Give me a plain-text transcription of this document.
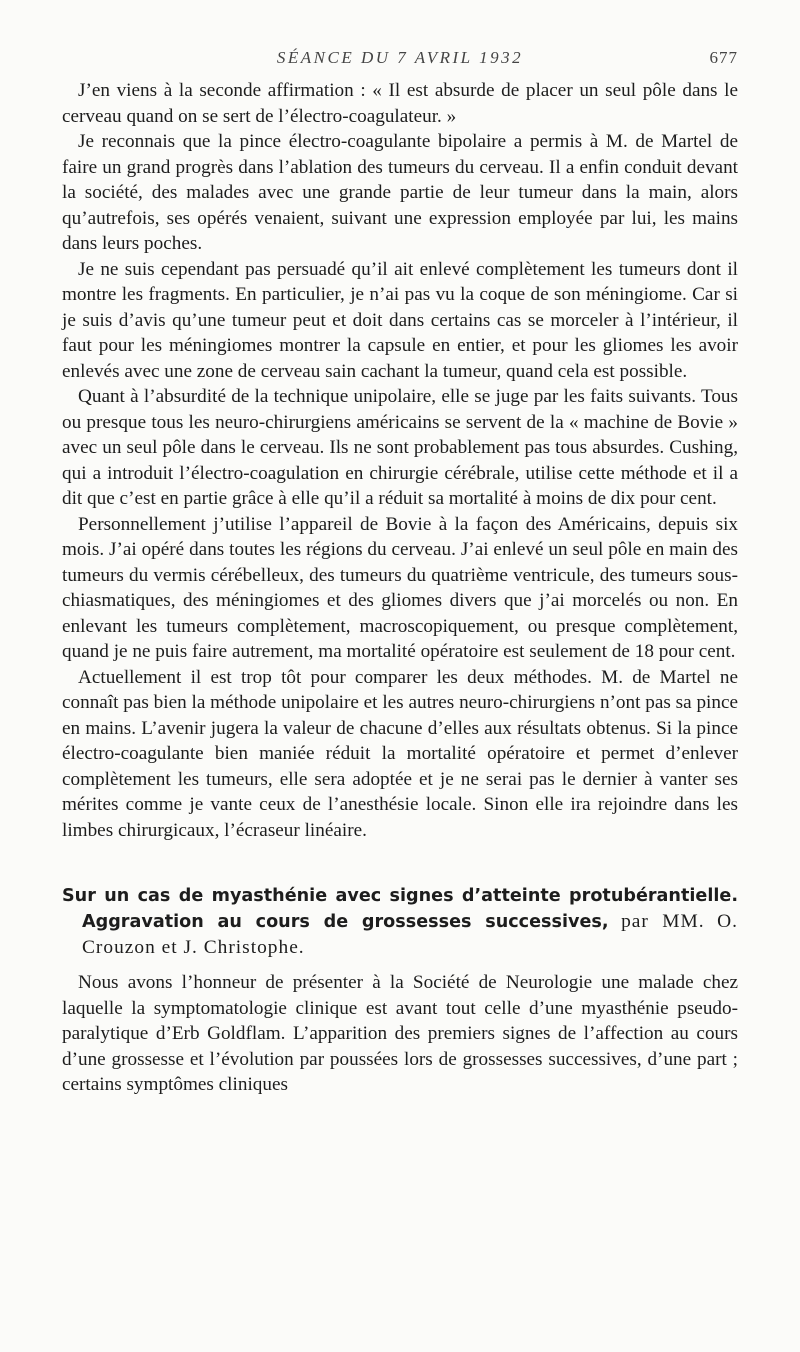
SÉANCE DU 7 AVRIL 1932	677

J’en viens à la seconde affirmation : « Il est absurde de placer un seul pôle dans le cerveau quand on se sert de l’électro-coagulateur. »

Je reconnais que la pince électro-coagulante bipolaire a permis à M. de Martel de faire un grand progrès dans l’ablation des tumeurs du cerveau. Il a enfin conduit devant la société, des malades avec une grande partie de leur tumeur dans la main, alors qu’autrefois, ses opérés venaient, suivant une expression employée par lui, les mains dans leurs poches.

Je ne suis cependant pas persuadé qu’il ait enlevé complètement les tumeurs dont il montre les fragments. En particulier, je n’ai pas vu la coque de son méningiome. Car si je suis d’avis qu’une tumeur peut et doit dans certains cas se morceler à l’intérieur, il faut pour les méningiomes montrer la capsule en entier, et pour les gliomes les avoir enlevés avec une zone de cerveau sain cachant la tumeur, quand cela est possible.

Quant à l’absurdité de la technique unipolaire, elle se juge par les faits suivants. Tous ou presque tous les neuro-chirurgiens américains se servent de la « machine de Bovie » avec un seul pôle dans le cerveau. Ils ne sont probablement pas tous absurdes. Cushing, qui a introduit l’électro-coagulation en chirurgie cérébrale, utilise cette méthode et il a dit que c’est en partie grâce à elle qu’il a réduit sa mortalité à moins de dix pour cent.

Personnellement j’utilise l’appareil de Bovie à la façon des Américains, depuis six mois. J’ai opéré dans toutes les régions du cerveau. J’ai enlevé un seul pôle en main des tumeurs du vermis cérébelleux, des tumeurs du quatrième ventricule, des tumeurs sous-chiasmatiques, des méningiomes et des gliomes divers que j’ai morcelés ou non. En enlevant les tumeurs complètement, macroscopiquement, ou presque complètement, quand je ne puis faire autrement, ma mortalité opératoire est seulement de 18 pour cent.

Actuellement il est trop tôt pour comparer les deux méthodes. M. de Martel ne connaît pas bien la méthode unipolaire et les autres neuro-chirurgiens n’ont pas sa pince en mains. L’avenir jugera la valeur de chacune d’elles aux résultats obtenus. Si la pince électro-coagulante bien maniée réduit la mortalité opératoire et permet d’enlever complètement les tumeurs, elle sera adoptée et je ne serai pas le dernier à vanter ses mérites comme je vante ceux de l’anesthésie locale. Sinon elle ira rejoindre dans les limbes chirurgicaux, l’écraseur linéaire.

Sur un cas de myasthénie avec signes d’atteinte protubérantielle. Aggravation au cours de grossesses successives, par MM. O. Crouzon et J. Christophe.

Nous avons l’honneur de présenter à la Société de Neurologie une malade chez laquelle la symptomatologie clinique est avant tout celle d’une myasthénie pseudo-paralytique d’Erb Goldflam. L’apparition des premiers signes de l’affection au cours d’une grossesse et l’évolution par poussées lors de grossesses successives, d’une part ; certains symptômes cliniques
